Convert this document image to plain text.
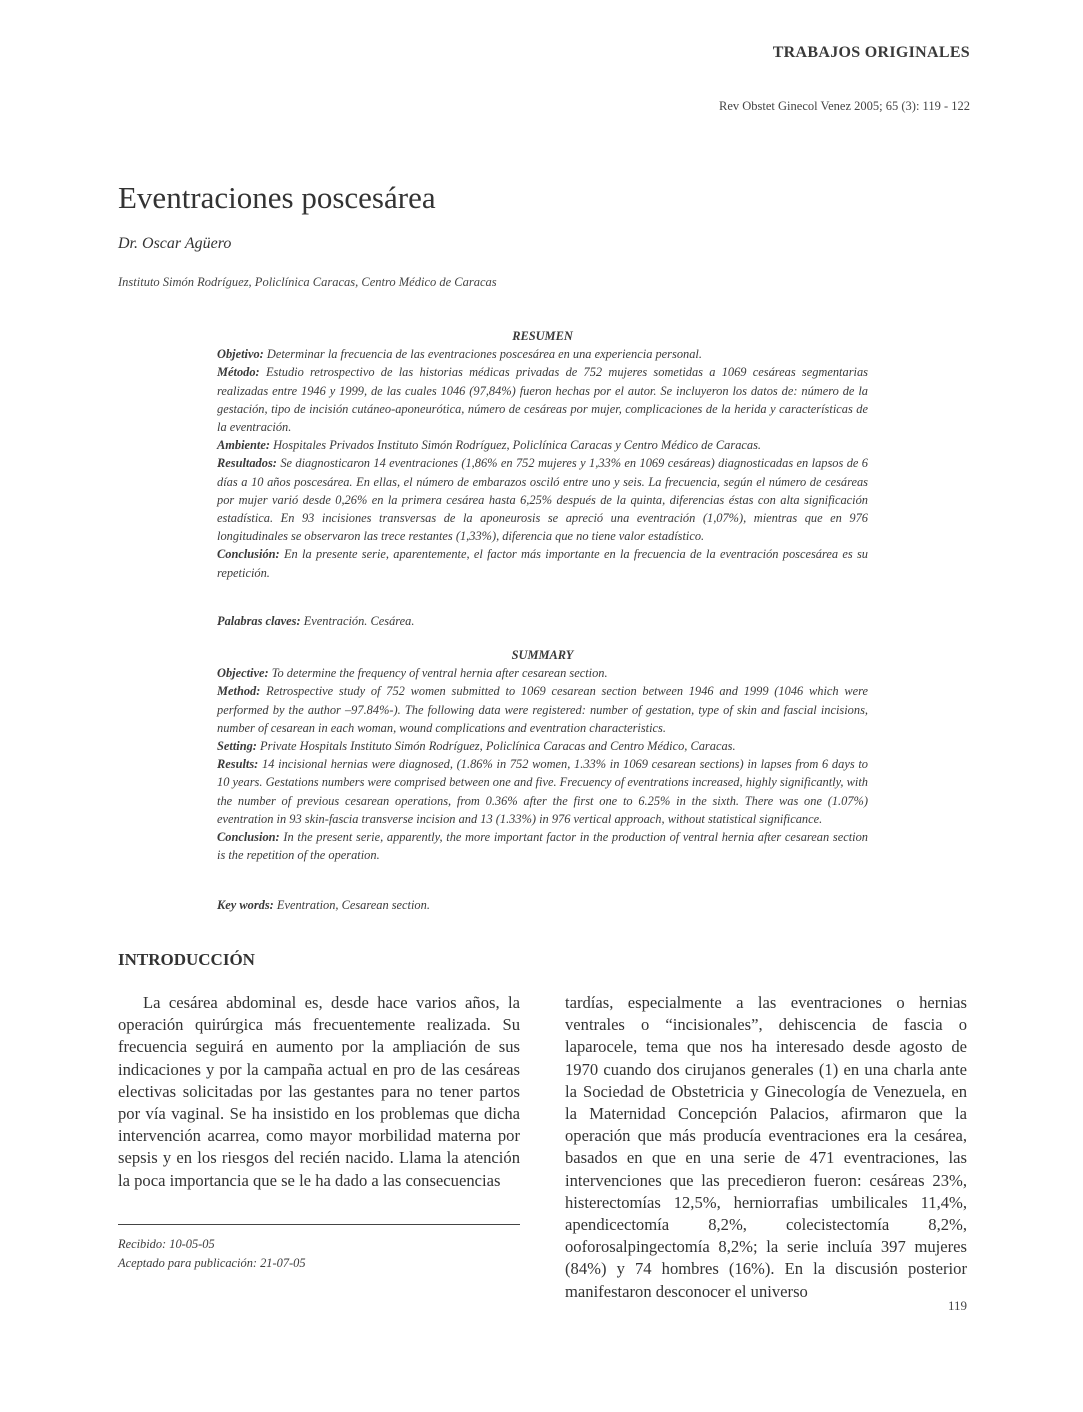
TRABAJOS ORIGINALES
Rev Obstet Ginecol Venez 2005; 65 (3): 119 - 122
Eventraciones poscesárea
Dr. Oscar Agüero
Instituto Simón Rodríguez, Policlínica Caracas, Centro Médico de Caracas
RESUMEN

Objetivo: Determinar la frecuencia de las eventraciones poscesárea en una experiencia personal.

Método: Estudio retrospectivo de las historias médicas privadas de 752 mujeres sometidas a 1069 cesáreas segmentarias realizadas entre 1946 y 1999, de las cuales 1046 (97,84%) fueron hechas por el autor. Se incluyeron los datos de: número de la gestación, tipo de incisión cutáneo-aponeurótica, número de cesáreas por mujer, complicaciones de la herida y características de la eventración.

Ambiente: Hospitales Privados Instituto Simón Rodríguez, Policlínica Caracas y Centro Médico de Caracas.

Resultados: Se diagnosticaron 14 eventraciones (1,86% en 752 mujeres y 1,33% en 1069 cesáreas) diagnosticadas en lapsos de 6 días a 10 años poscesárea. En ellas, el número de embarazos osciló entre uno y seis. La frecuencia, según el número de cesáreas por mujer varió desde 0,26% en la primera cesárea hasta 6,25% después de la quinta, diferencias éstas con alta significación estadística. En 93 incisiones transversas de la aponeurosis se apreció una eventración (1,07%), mientras que en 976 longitudinales se observaron las trece restantes (1,33%), diferencia que no tiene valor estadístico.

Conclusión: En la presente serie, aparentemente, el factor más importante en la frecuencia de la eventración poscesárea es su repetición.

Palabras claves: Eventración. Cesárea.

SUMMARY

Objective: To determine the frequency of ventral hernia after cesarean section.

Method: Retrospective study of 752 women submitted to 1069 cesarean section between 1946 and 1999 (1046 which were performed by the author –97.84%-). The following data were registered: number of gestation, type of skin and fascial incisions, number of cesarean in each woman, wound complications and eventration characteristics.

Setting: Private Hospitals Instituto Simón Rodríguez, Policlínica Caracas and Centro Médico, Caracas.

Results: 14 incisional hernias were diagnosed, (1.86% in 752 women, 1.33% in 1069 cesarean sections) in lapses from 6 days to 10 years. Gestations numbers were comprised between one and five. Frecuency of eventrations increased, highly significantly, with the number of previous cesarean operations, from 0.36% after the first one to 6.25% in the sixth. There was one (1.07%) eventration in 93 skin-fascia transverse incision and 13 (1.33%) in 976 vertical approach, without statistical significance.

Conclusion: In the present serie, apparently, the more important factor in the production of ventral hernia after cesarean section is the repetition of the operation.

Key words: Eventration, Cesarean section.

INTRODUCCIÓN

La cesárea abdominal es, desde hace varios años, la operación quirúrgica más frecuentemente realizada. Su frecuencia seguirá en aumento por la ampliación de sus indicaciones y por la campaña actual en pro de las cesáreas electivas solicitadas por las gestantes para no tener partos por vía vaginal. Se ha insistido en los problemas que dicha intervención acarrea, como mayor morbilidad materna por sepsis y en los riesgos del recién nacido. Llama la atención la poca importancia que se le ha dado a las consecuencias

tardías, especialmente a las eventraciones o hernias ventrales o “incisionales”, dehiscencia de fascia o laparocele, tema que nos ha interesado desde agosto de 1970 cuando dos cirujanos generales (1) en una charla ante la Sociedad de Obstetricia y Ginecología de Venezuela, en la Maternidad Concepción Palacios, afirmaron que la operación que más producía eventraciones era la cesárea, basados en que en una serie de 471 eventraciones, las intervenciones que las precedieron fueron: cesáreas 23%, histerectomías 12,5%, herniorrafias umbilicales 11,4%, apendicectomía 8,2%, colecistectomía 8,2%, ooforosalpingectomía 8,2%; la serie incluía 397 mujeres (84%) y 74 hombres (16%). En la discusión posterior manifestaron desconocer el universo

Recibido: 10-05-05
Aceptado para publicación: 21-07-05
119
